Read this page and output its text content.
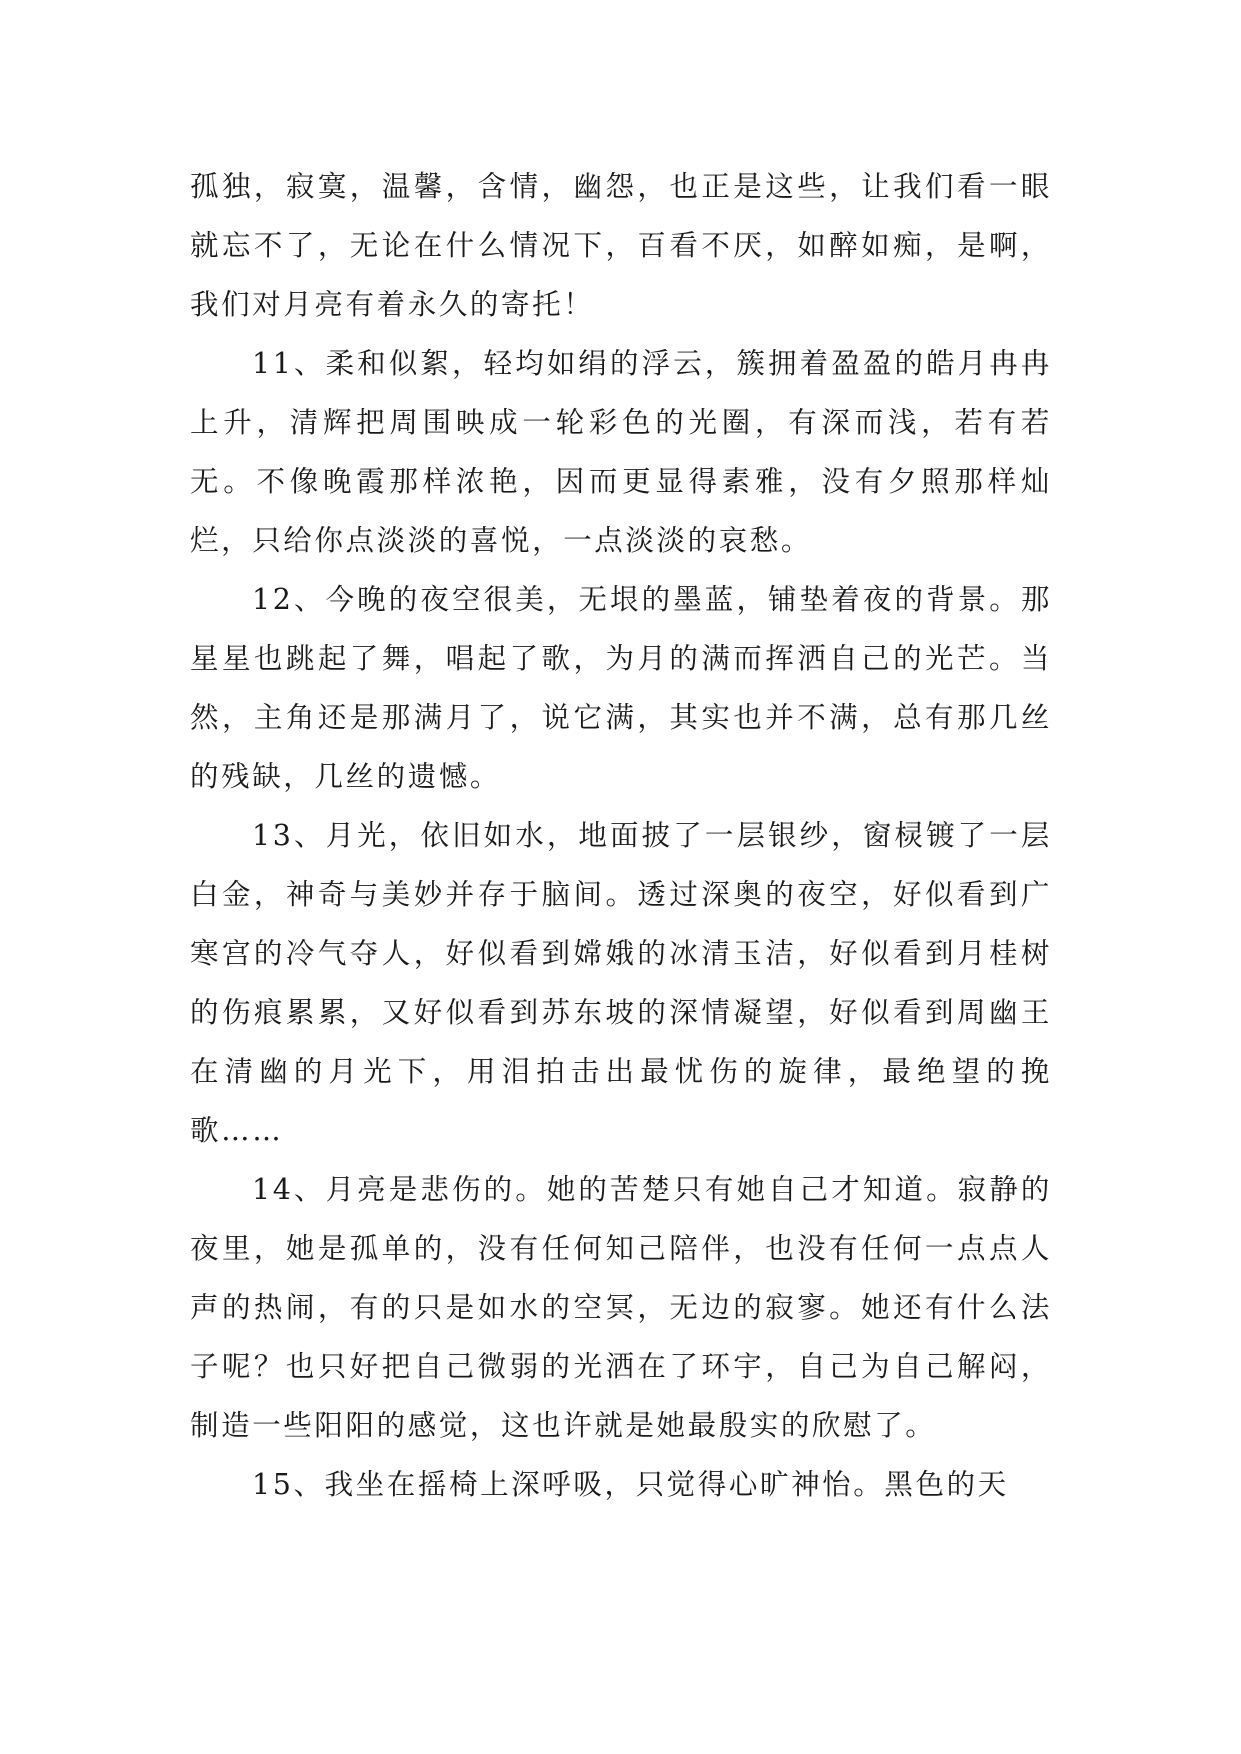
孤独，寂寞，温馨，含情，幽怨，也正是这些，让我们看一眼就忘不了，无论在什么情况下，百看不厌，如醉如痴，是啊，我们对月亮有着永久的寄托！

11、柔和似絮，轻均如绢的浮云，簇拥着盈盈的皓月冉冉上升，清辉把周围映成一轮彩色的光圈，有深而浅，若有若无。不像晚霞那样浓艳，因而更显得素雅，没有夕照那样灿烂，只给你点淡淡的喜悦，一点淡淡的哀愁。

12、今晚的夜空很美，无垠的墨蓝，铺垫着夜的背景。那星星也跳起了舞，唱起了歌，为月的满而挥洒自己的光芒。当然，主角还是那满月了，说它满，其实也并不满，总有那几丝的残缺，几丝的遗憾。

13、月光，依旧如水，地面披了一层银纱，窗棂镀了一层白金，神奇与美妙并存于脑间。透过深奥的夜空，好似看到广寒宫的冷气夺人，好似看到嫦娥的冰清玉洁，好似看到月桂树的伤痕累累，又好似看到苏东坡的深情凝望，好似看到周幽王在清幽的月光下，用泪拍击出最忧伤的旋律，最绝望的挽歌……

14、月亮是悲伤的。她的苦楚只有她自己才知道。寂静的夜里，她是孤单的，没有任何知己陪伴，也没有任何一点点人声的热闹，有的只是如水的空冥，无边的寂寥。她还有什么法子呢？也只好把自己微弱的光洒在了环宇，自己为自己解闷，制造一些阳阳的感觉，这也许就是她最殷实的欣慰了。

15、我坐在摇椅上深呼吸，只觉得心旷神怡。黑色的天
